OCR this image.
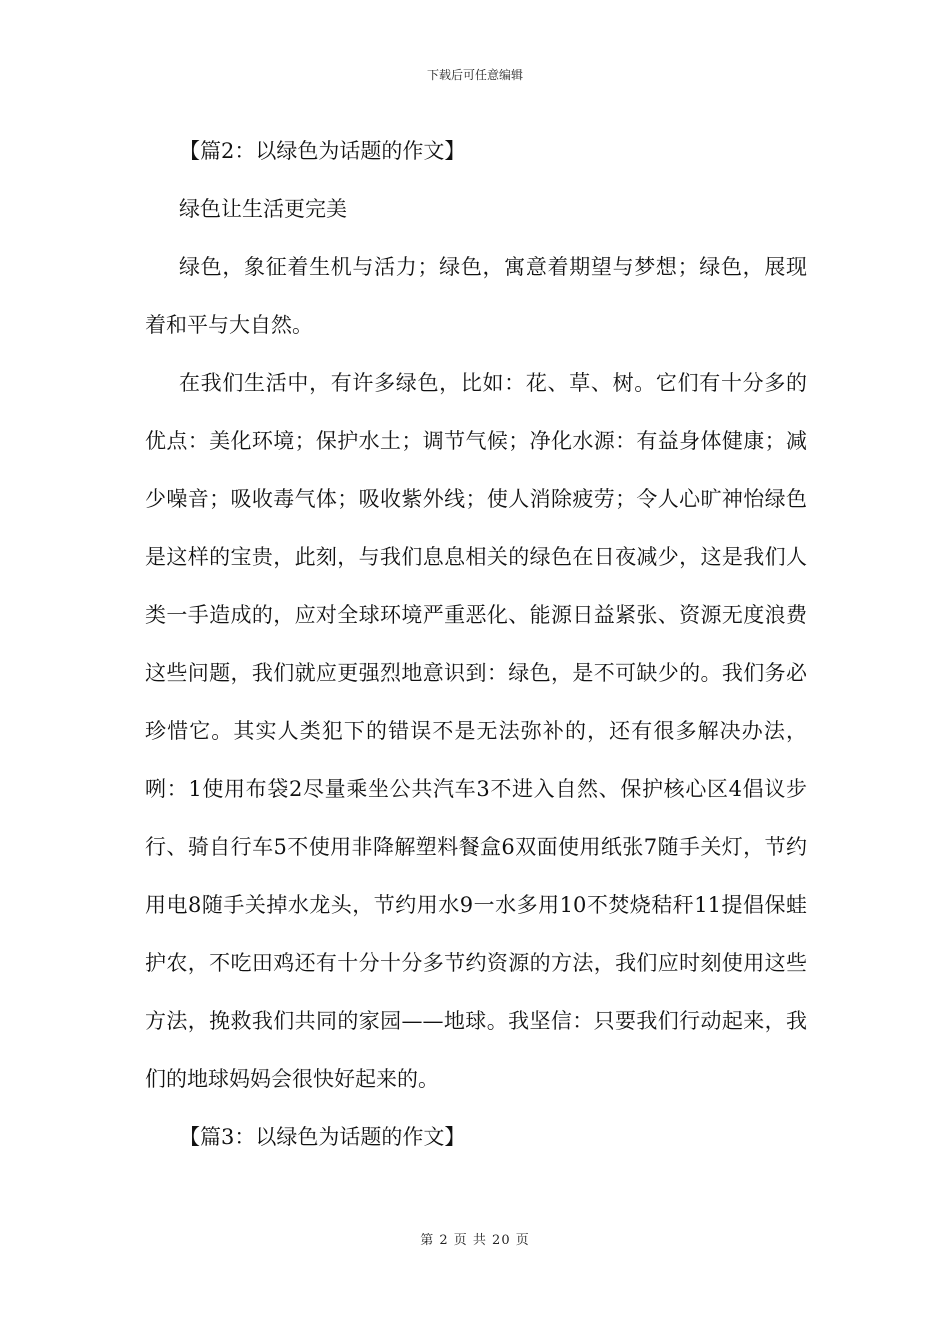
下载后可任意编辑
【篇2：以绿色为话题的作文】
绿色让生活更完美

绿色，象征着生机与活力；绿色，寓意着期望与梦想；绿色，展现着和平与大自然。

在我们生活中，有许多绿色，比如：花、草、树。它们有十分多的优点：美化环境；保护水土；调节气候；净化水源：有益身体健康；减少噪音；吸收毒气体；吸收紫外线；使人消除疲劳；令人心旷神怡绿色是这样的宝贵，此刻，与我们息息相关的绿色在日夜减少，这是我们人类一手造成的，应对全球环境严重恶化、能源日益紧张、资源无度浪费这些问题，我们就应更强烈地意识到：绿色，是不可缺少的。我们务必珍惜它。其实人类犯下的错误不是无法弥补的，还有很多解决办法，咧：1使用布袋2尽量乘坐公共汽车3不进入自然、保护核心区4倡议步行、骑自行车5不使用非降解塑料餐盒6双面使用纸张7随手关灯，节约用电8随手关掉水龙头，节约用水9一水多用10不焚烧秸秆11提倡保蛙护农，不吃田鸡还有十分十分多节约资源的方法，我们应时刻使用这些方法，挽救我们共同的家园——地球。我坚信：只要我们行动起来，我们的地球妈妈会很快好起来的。

【篇3：以绿色为话题的作文】
第 2 页 共 20 页
